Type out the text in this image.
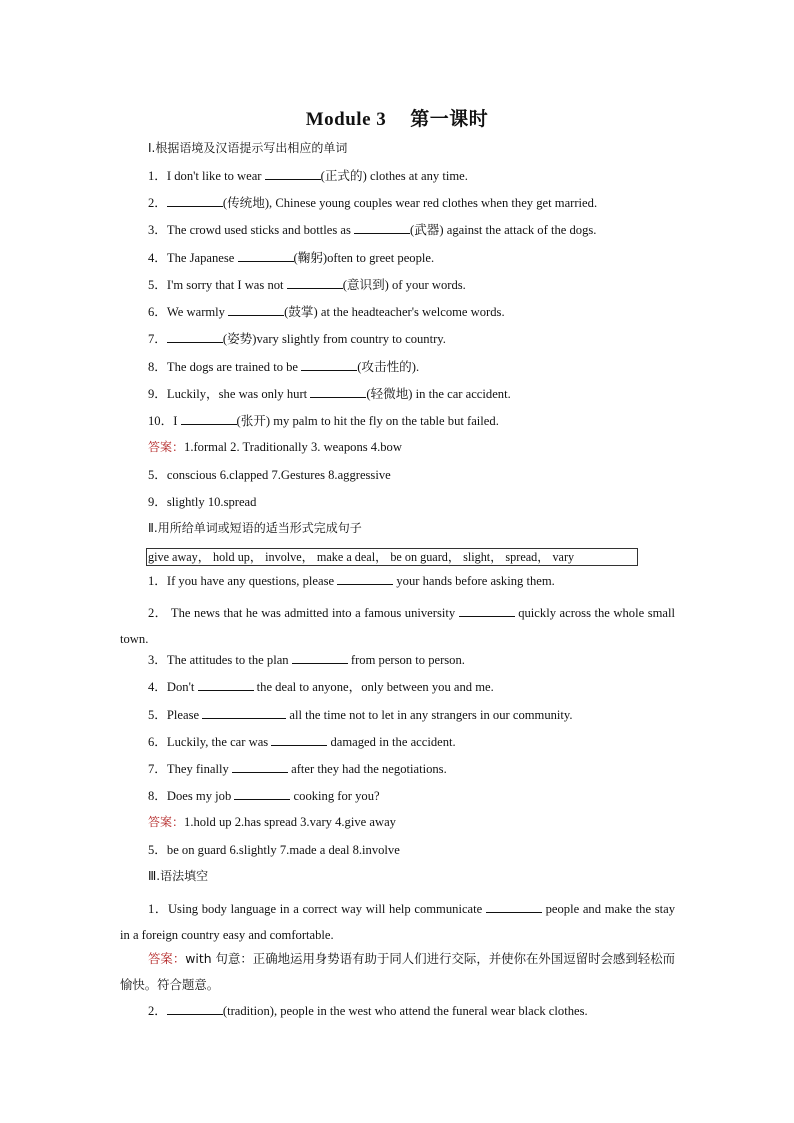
Module 3 第一课时
Ⅰ.根据语境及汉语提示写出相应的单词
1．I don't like to wear	(正式的) clothes at any time.
2．	(传统地), Chinese young couples wear red clothes when they get married.
3．The crowd used sticks and bottles as	(武器) against the attack of the dogs.
4．The Japanese	(鞠躬)often to greet people.
5．I'm sorry that I was not	(意识到) of your words.
6．We warmly	(鼓掌) at the headteacher's welcome words.
7．	(姿势)vary slightly from country to country.
8．The dogs are trained to be	(攻击性的).
9．Luckily，she was only hurt	(轻微地) in the car accident.
10．I	(张开) my palm to hit the fly on the table but failed.
答案：1.formal 2. Traditionally 3. weapons 4.bow
5．conscious 6.clapped 7.Gestures 8.aggressive
9．slightly 10.spread
Ⅱ.用所给单词或短语的适当形式完成句子
give away， hold up， involve， make a deal， be on guard， slight， spread， vary
1．If you have any questions, please	your hands before asking them.
2． The news that he was admitted into a famous university	quickly across the whole small town.
3．The attitudes to the plan	from person to person.
4．Don't	the deal to anyone，only between you and me.
5．Please	all the time not to let in any strangers in our community.
6．Luckily, the car was	damaged in the accident.
7．They finally	after they had the negotiations.
8．Does my job	cooking for you?
答案：1.hold up 2.has spread 3.vary 4.give away
5．be on guard 6.slightly 7.made a deal 8.involve
Ⅲ.语法填空
1．Using body language in a correct way will help communicate	people and make the stay in a foreign country easy and comfortable.
答案：with 句意：正确地运用身势语有助于同人们进行交际，并使你在外国逗留时会感到轻松而愉快。符合题意。
2．	(tradition), people in the west who attend the funeral wear black clothes.
